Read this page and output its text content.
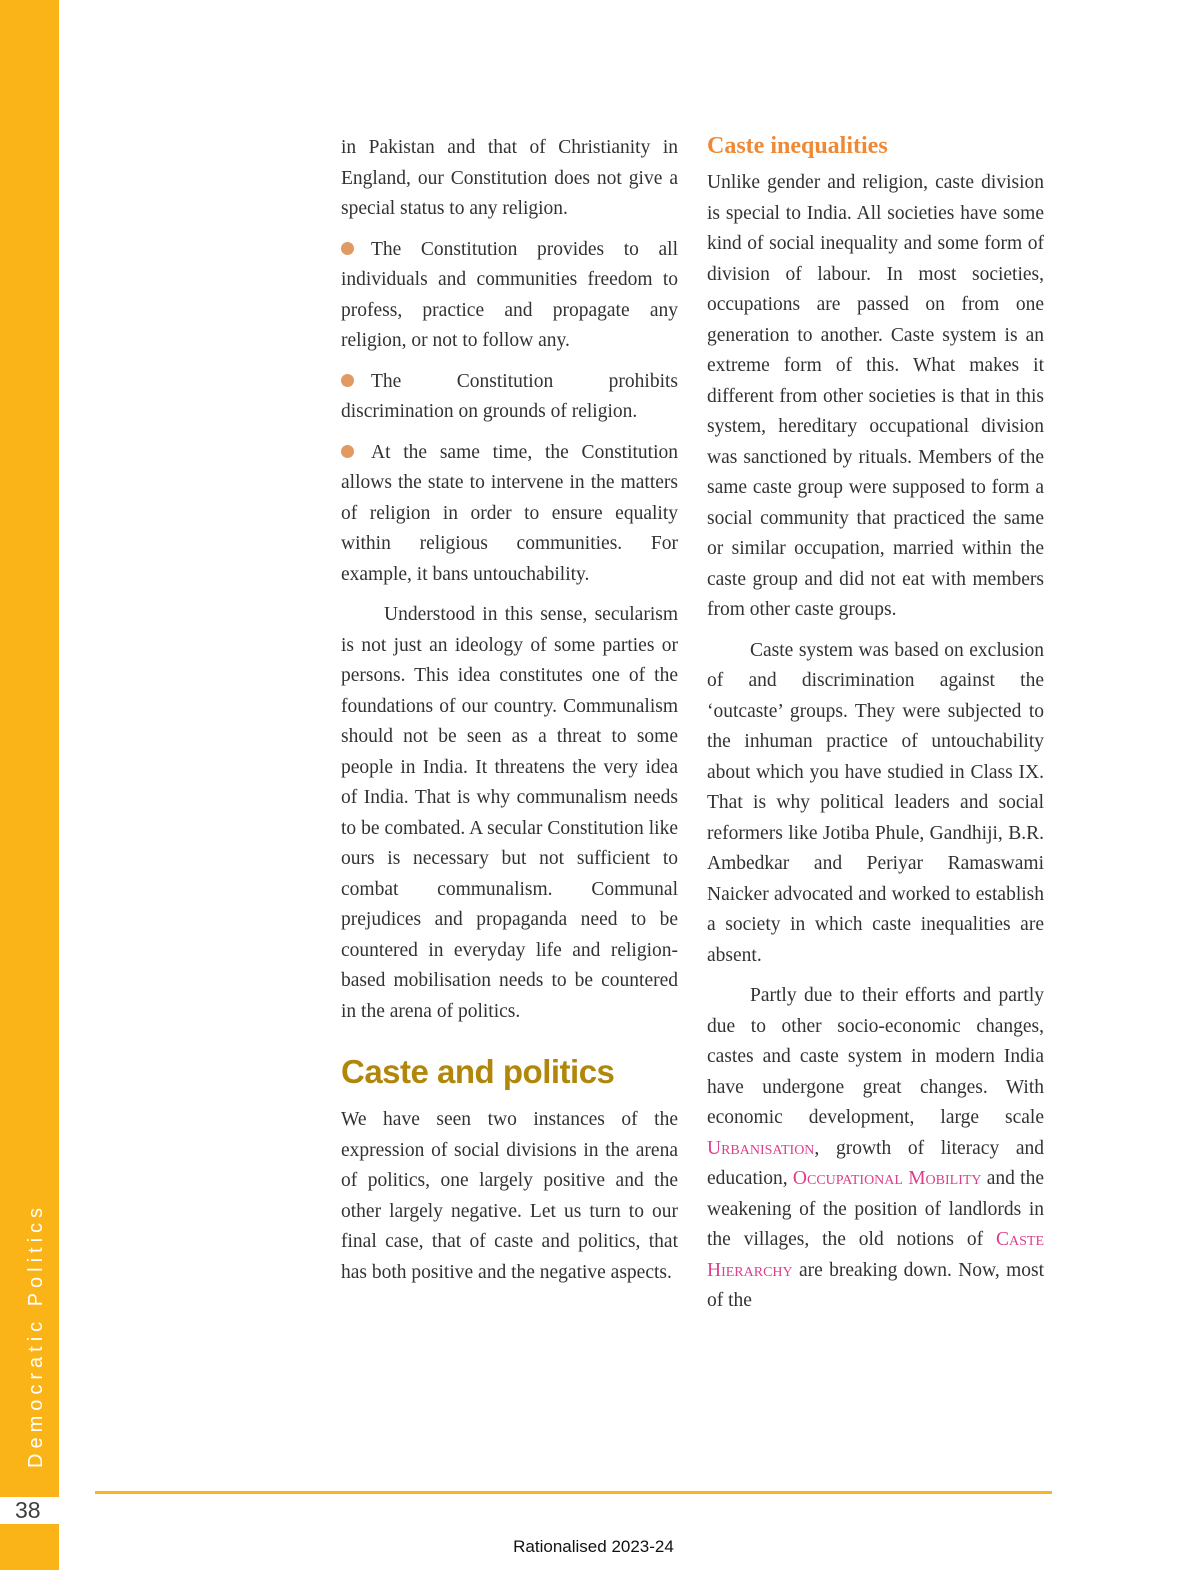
Democratic Politics
38

in Pakistan and that of Christianity in England, our Constitution does not give a special status to any religion.

The Constitution provides to all individuals and communities freedom to profess, practice and propagate any religion, or not to follow any.
The Constitution prohibits discrimination on grounds of religion.
At the same time, the Constitution allows the state to intervene in the matters of religion in order to ensure equality within religious communities. For example, it bans untouchability.

Understood in this sense, secularism is not just an ideology of some parties or persons. This idea constitutes one of the foundations of our country. Communalism should not be seen as a threat to some people in India. It threatens the very idea of India. That is why communalism needs to be combated. A secular Constitution like ours is necessary but not sufficient to combat communalism. Communal prejudices and propaganda need to be countered in everyday life and religion- based mobilisation needs to be countered in the arena of politics.

Caste and politics

We have seen two instances of the expression of social divisions in the arena of politics, one largely positive and the other largely negative. Let us turn to our final case, that of caste and politics, that has both positive and the negative aspects.

Caste inequalities

Unlike gender and religion, caste division is special to India. All societies have some kind of social inequality and some form of division of labour. In most societies, occupations are passed on from one generation to another. Caste system is an extreme form of this. What makes it different from other societies is that in this system, hereditary occupational division was sanctioned by rituals. Members of the same caste group were supposed to form a social community that practiced the same or similar occupation, married within the caste group and did not eat with members from other caste groups.

Caste system was based on exclusion of and discrimination against the ‘outcaste’ groups. They were subjected to the inhuman practice of untouchability about which you have studied in Class IX. That is why political leaders and social reformers like Jotiba Phule, Gandhiji, B.R. Ambedkar and Periyar Ramaswami Naicker advocated and worked to establish a society in which caste inequalities are absent.

Partly due to their efforts and partly due to other socio-economic changes, castes and caste system in modern India have undergone great changes. With economic development, large scale Urbanisation, growth of literacy and education, Occupational Mobility and the weakening of the position of landlords in the villages, the old notions of Caste Hierarchy are breaking down. Now, most of the

Rationalised 2023-24
